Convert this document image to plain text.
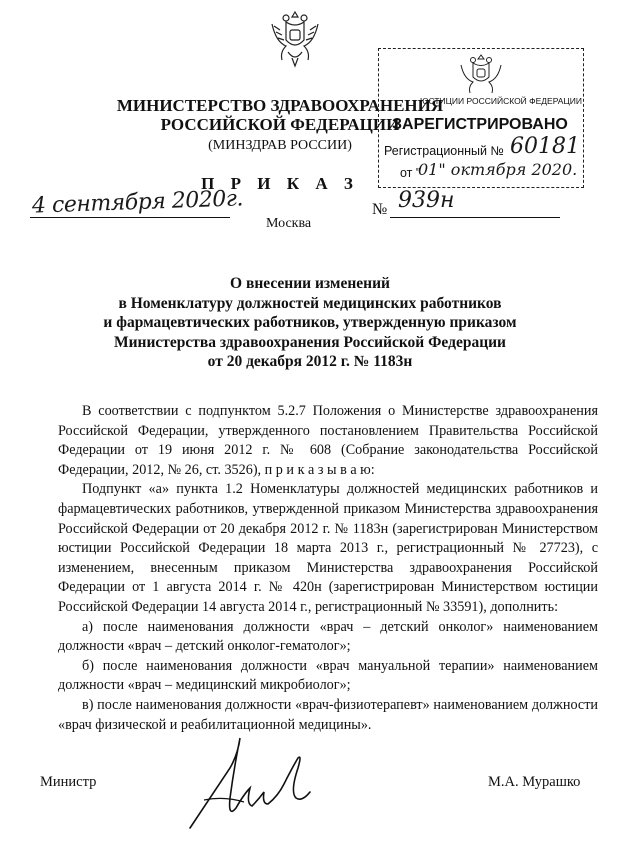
МИНИСТЕРСТВО ЗДРАВООХРАНЕНИЯ
РОССИЙСКОЙ ФЕДЕРАЦИИ
(МИНЗДРАВ РОССИИ)
П Р И К А З
ЮСТИЦИИ РОССИЙСКОЙ ФЕДЕРАЦИИ
ЗАРЕГИСТРИРОВАНО
Регистрационный № 60181
от "
01" октября 2020.
4 сентября 2020г.
Москва
№ 939н
О внесении изменений
в Номенклатуру должностей медицинских работников
и фармацевтических работников, утвержденную приказом
Министерства здравоохранения Российской Федерации
от 20 декабря 2012 г. № 1183н

В соответствии с подпунктом 5.2.7 Положения о Министерстве здравоохранения Российской Федерации, утвержденного постановлением Правительства Российской Федерации от 19 июня 2012 г. № 608 (Собрание законодательства Российской Федерации, 2012, № 26, ст. 3526), п р и к а з ы в а ю:

Подпункт «а» пункта 1.2 Номенклатуры должностей медицинских работников и фармацевтических работников, утвержденной приказом Министерства здравоохранения Российской Федерации от 20 декабря 2012 г. № 1183н (зарегистрирован Министерством юстиции Российской Федерации 18 марта 2013 г., регистрационный № 27723), с изменением, внесенным приказом Министерства здравоохранения Российской Федерации от 1 августа 2014 г. № 420н (зарегистрирован Министерством юстиции Российской Федерации 14 августа 2014 г., регистрационный № 33591), дополнить:

а) после наименования должности «врач – детский онколог» наименованием должности «врач – детский онколог-гематолог»;

б) после наименования должности «врач мануальной терапии» наименованием должности «врач – медицинский микробиолог»;

в) после наименования должности «врач-физиотерапевт» наименованием должности «врач физической и реабилитационной медицины».

Министр	М.А. Мурашко
